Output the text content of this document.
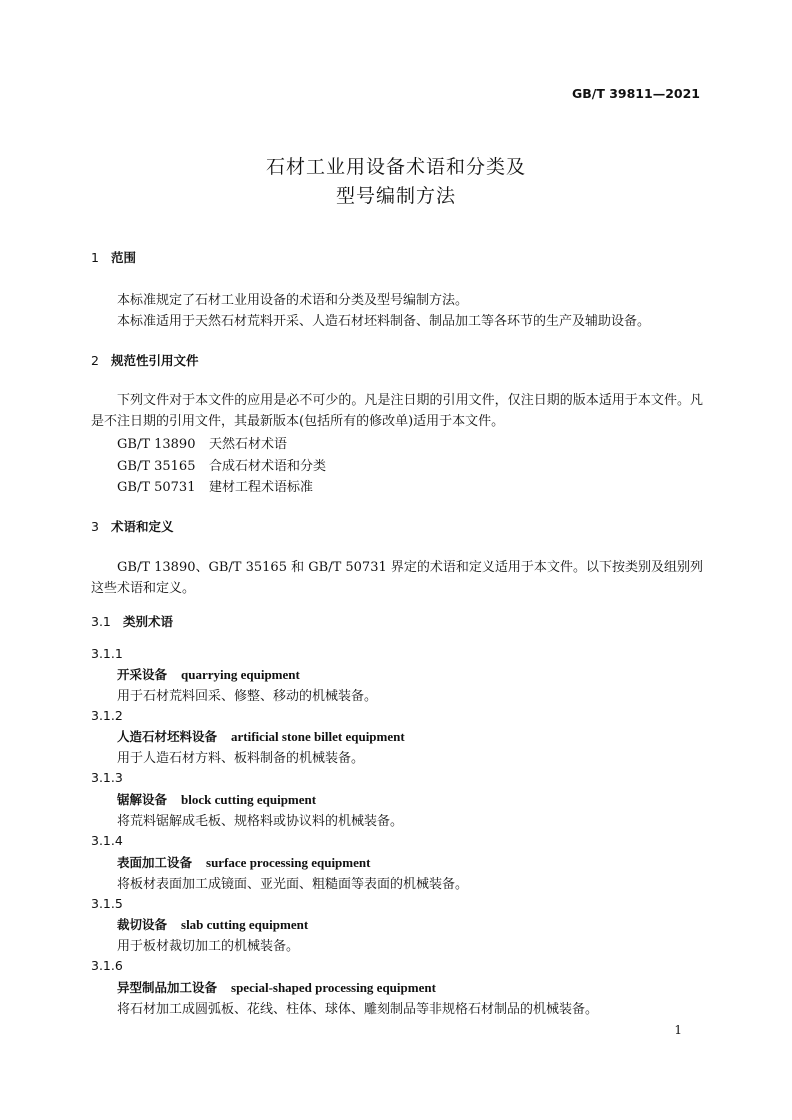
GB/T 39811—2021
石材工业用设备术语和分类及
型号编制方法
1 范围
本标准规定了石材工业用设备的术语和分类及型号编制方法。
本标准适用于天然石材荒料开采、人造石材坯料制备、制品加工等各环节的生产及辅助设备。
2 规范性引用文件
下列文件对于本文件的应用是必不可少的。凡是注日期的引用文件，仅注日期的版本适用于本文件。凡是不注日期的引用文件，其最新版本(包括所有的修改单)适用于本文件。
GB/T 13890 天然石材术语
GB/T 35165 合成石材术语和分类
GB/T 50731 建材工程术语标准
3 术语和定义
GB/T 13890、GB/T 35165 和 GB/T 50731 界定的术语和定义适用于本文件。以下按类别及组别列这些术语和定义。
3.1 类别术语
3.1.1
开采设备 quarrying equipment
用于石材荒料回采、修整、移动的机械装备。
3.1.2
人造石材坯料设备 artificial stone billet equipment
用于人造石材方料、板料制备的机械装备。
3.1.3
锯解设备 block cutting equipment
将荒料锯解成毛板、规格料或协议料的机械装备。
3.1.4
表面加工设备 surface processing equipment
将板材表面加工成镜面、亚光面、粗糙面等表面的机械装备。
3.1.5
裁切设备 slab cutting equipment
用于板材裁切加工的机械装备。
3.1.6
异型制品加工设备 special-shaped processing equipment
将石材加工成圆弧板、花线、柱体、球体、雕刻制品等非规格石材制品的机械装备。
1
